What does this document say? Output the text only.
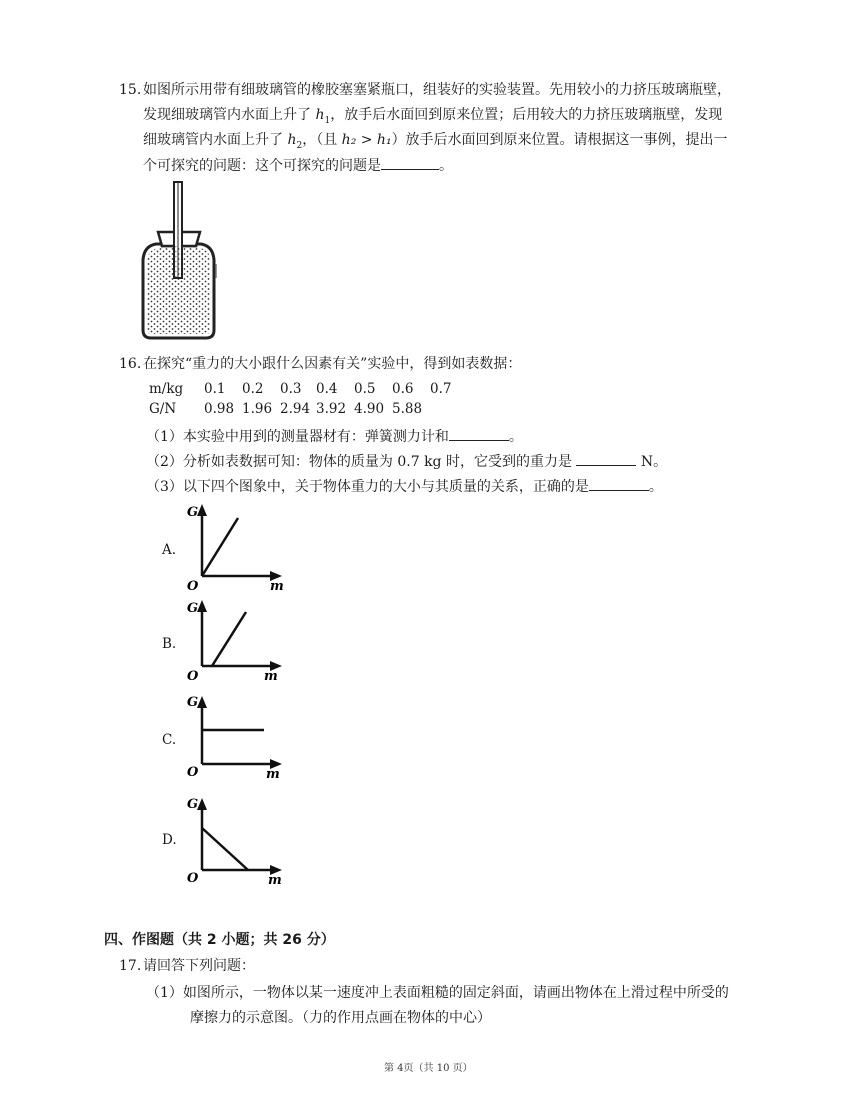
15. 如图所示用带有细玻璃管的橡胶塞塞紧瓶口，组装好的实验装置。先用较小的力挤压玻璃瓶壁，
发现细玻璃管内水面上升了 $h_1$，放手后水面回到原来位置；后用较大的力挤压玻璃瓶壁，发现
细玻璃管内水面上升了 $h_2$，（且 h₂ > h₁）放手后水面回到原来位置。请根据这一事例，提出一
个可探究的问题：这个可探究的问题是	。
16. 在探究“重力的大小跟什么因素有关”实验中，得到如表数据：
m/kg	0.1	0.2	0.3	0.4	0.5	0.6	0.7
G/N	0.98	1.96	2.94	3.92	4.90	5.88	
（1）本实验中用到的测量器材有：弹簧测力计和	。
（2）分析如表数据可知：物体的质量为 0.7 kg 时，它受到的重力是	N。
（3）以下四个图象中，关于物体重力的大小与其质量的关系，正确的是	。
A.
G
O	m
B.
G
O	m
C.
G
O	m
D.
G
O	m
四、作图题（共 2 小题；共 26 分）
17. 请回答下列问题：
（1）如图所示，一物体以某一速度冲上表面粗糙的固定斜面，请画出物体在上滑过程中所受的
摩擦力的示意图。（力的作用点画在物体的中心）
第 4页（共 10 页）
